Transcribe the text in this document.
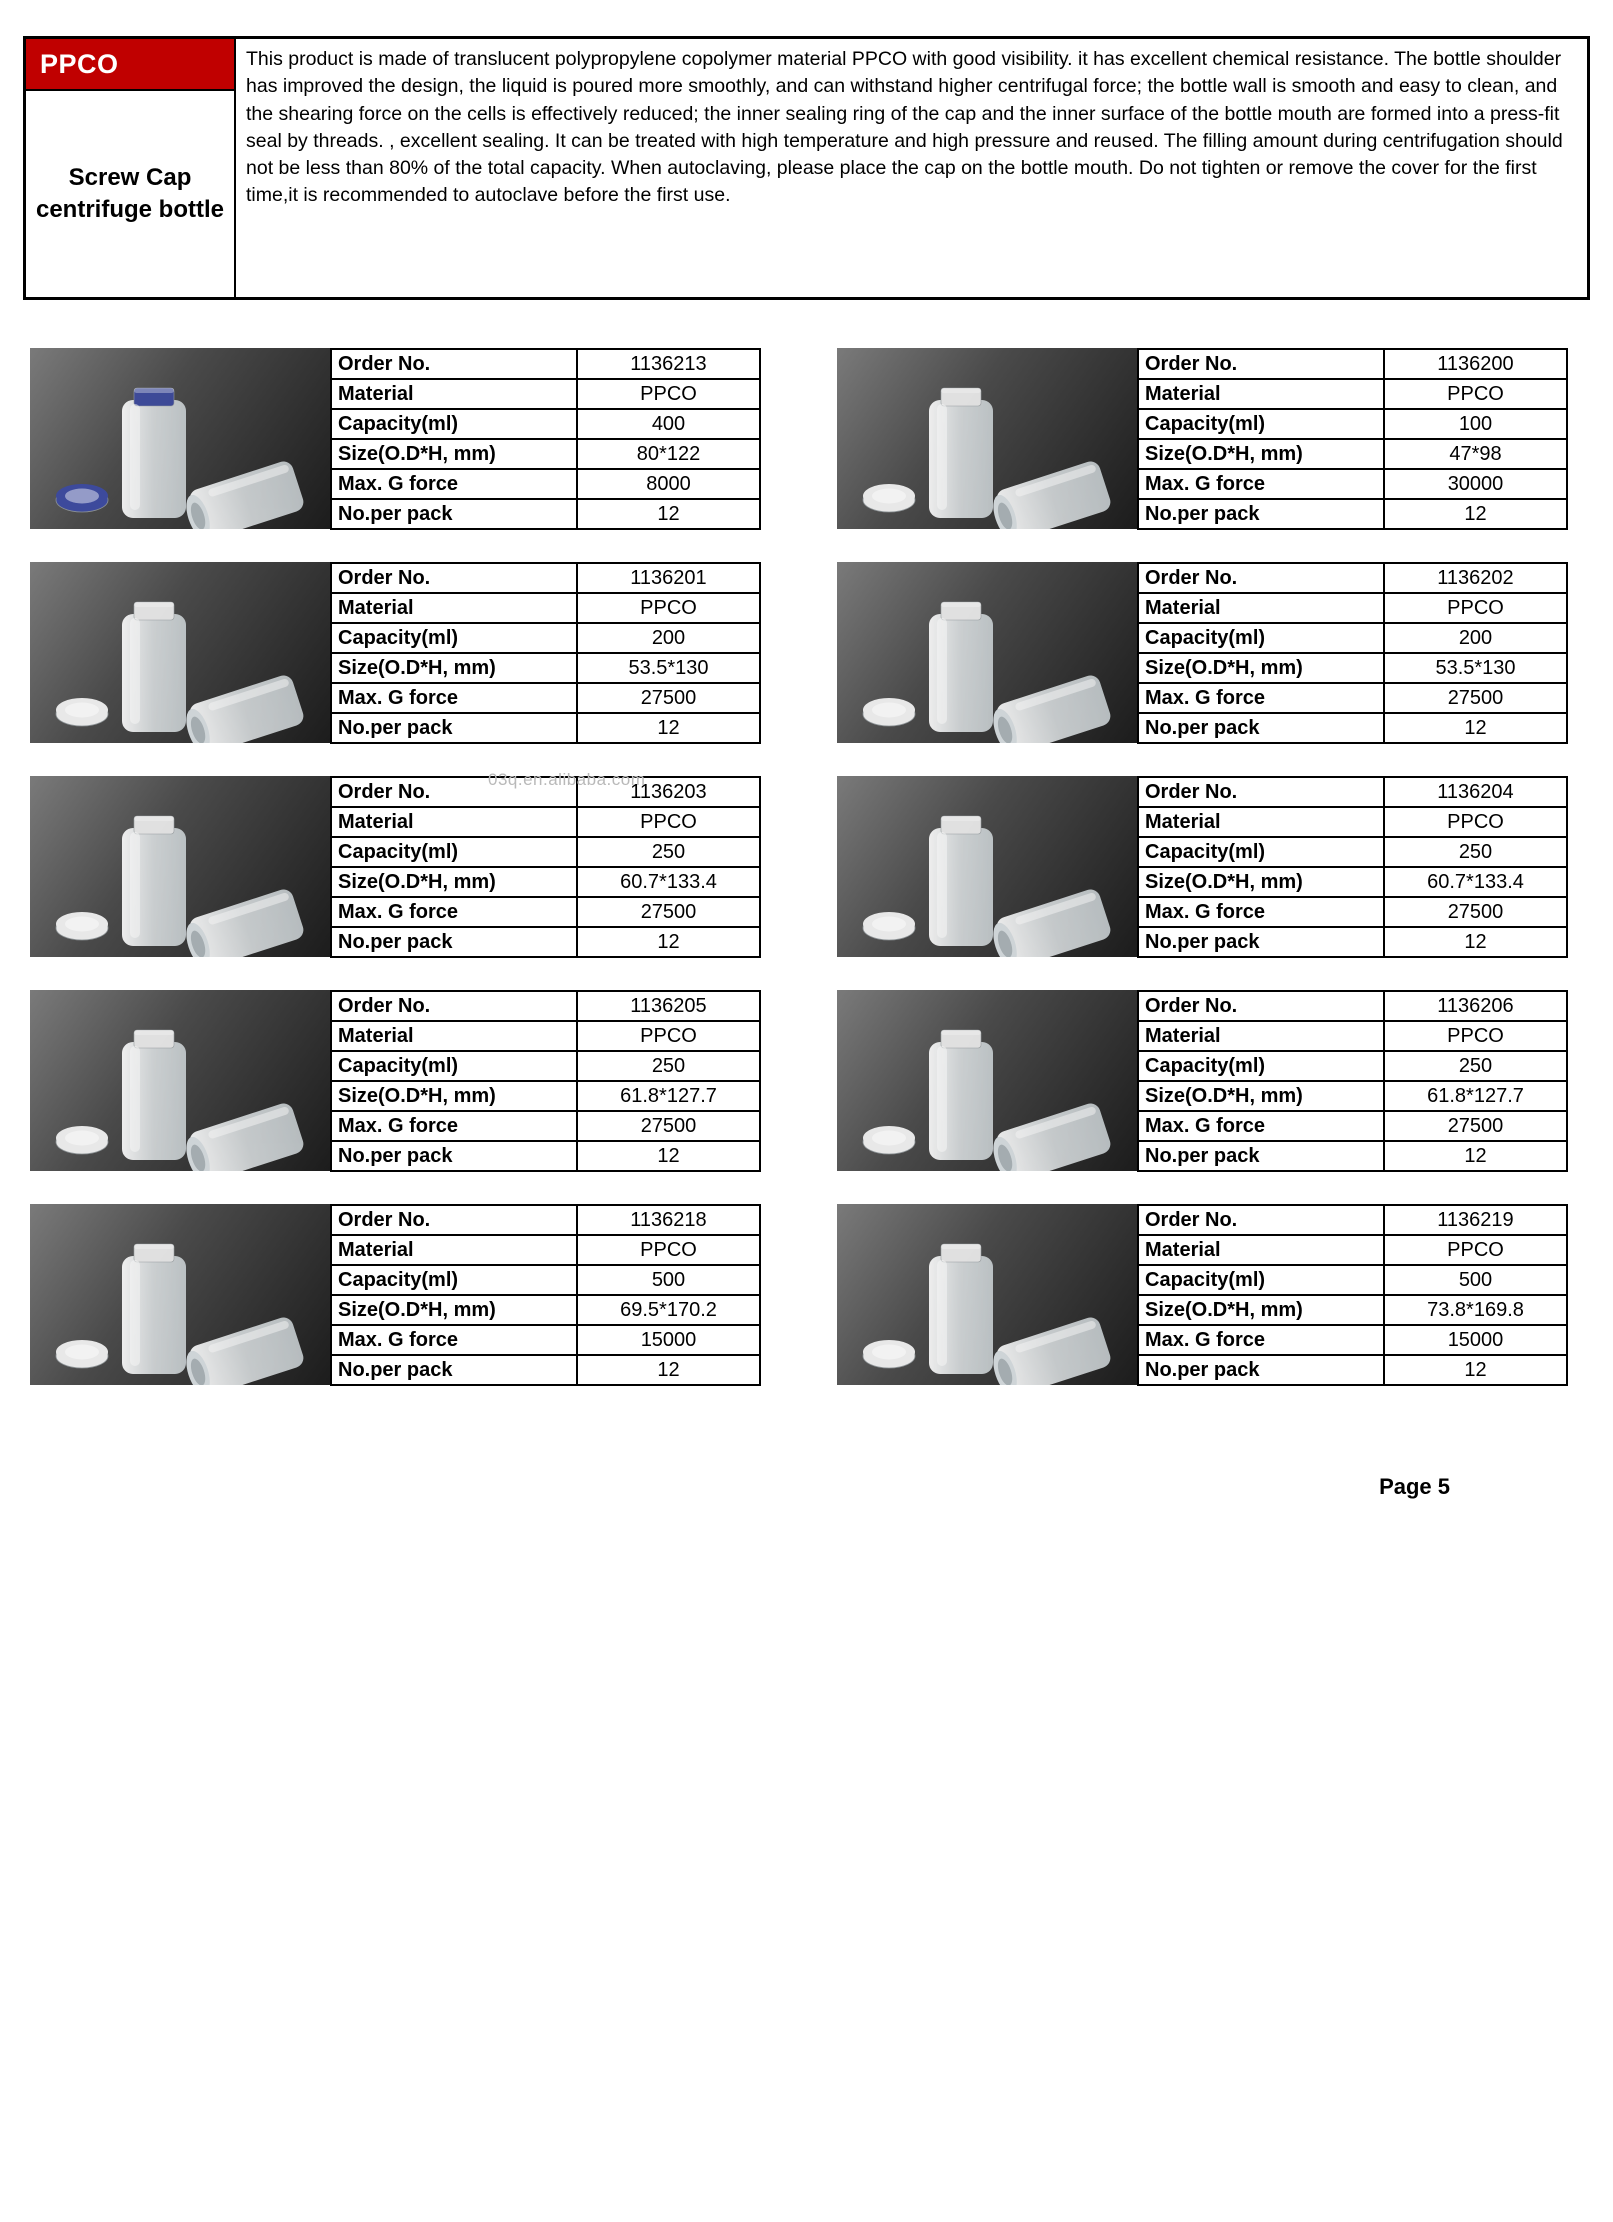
PPCO
Screw Cap centrifuge bottle
This product is made of translucent polypropylene copolymer material PPCO with good visibility. it has excellent chemical resistance. The bottle shoulder has improved the design, the liquid is poured more smoothly, and can withstand higher centrifugal force; the bottle wall is smooth and easy to clean, and the shearing force on the cells is effectively reduced; the inner sealing ring of the cap and the inner surface of the bottle mouth are formed into a press-fit seal by threads. , excellent sealing. It can be treated with high temperature and high pressure and reused. The filling amount during centrifugation should not be less than 80% of the total capacity. When autoclaving, please place the cap on the bottle mouth. Do not tighten or remove the cover for the first time,it is recommended to autoclave before the first use.
Order No.	1136213
Material	PPCO
Capacity(ml)	400
Size(O.D*H, mm)	80*122
Max. G force	8000
No.per pack	12
Order No.	1136200
Material	PPCO
Capacity(ml)	100
Size(O.D*H, mm)	47*98
Max. G force	30000
No.per pack	12
Order No.	1136201
Material	PPCO
Capacity(ml)	200
Size(O.D*H, mm)	53.5*130
Max. G force	27500
No.per pack	12
Order No.	1136202
Material	PPCO
Capacity(ml)	200
Size(O.D*H, mm)	53.5*130
Max. G force	27500
No.per pack	12
Order No.	1136203
Material	PPCO
Capacity(ml)	250
Size(O.D*H, mm)	60.7*133.4
Max. G force	27500
No.per pack	12
Order No.	1136204
Material	PPCO
Capacity(ml)	250
Size(O.D*H, mm)	60.7*133.4
Max. G force	27500
No.per pack	12
Order No.	1136205
Material	PPCO
Capacity(ml)	250
Size(O.D*H, mm)	61.8*127.7
Max. G force	27500
No.per pack	12
Order No.	1136206
Material	PPCO
Capacity(ml)	250
Size(O.D*H, mm)	61.8*127.7
Max. G force	27500
No.per pack	12
Order No.	1136218
Material	PPCO
Capacity(ml)	500
Size(O.D*H, mm)	69.5*170.2
Max. G force	15000
No.per pack	12
Order No.	1136219
Material	PPCO
Capacity(ml)	500
Size(O.D*H, mm)	73.8*169.8
Max. G force	15000
No.per pack	12
03q.en.alibaba.com
Page 5
